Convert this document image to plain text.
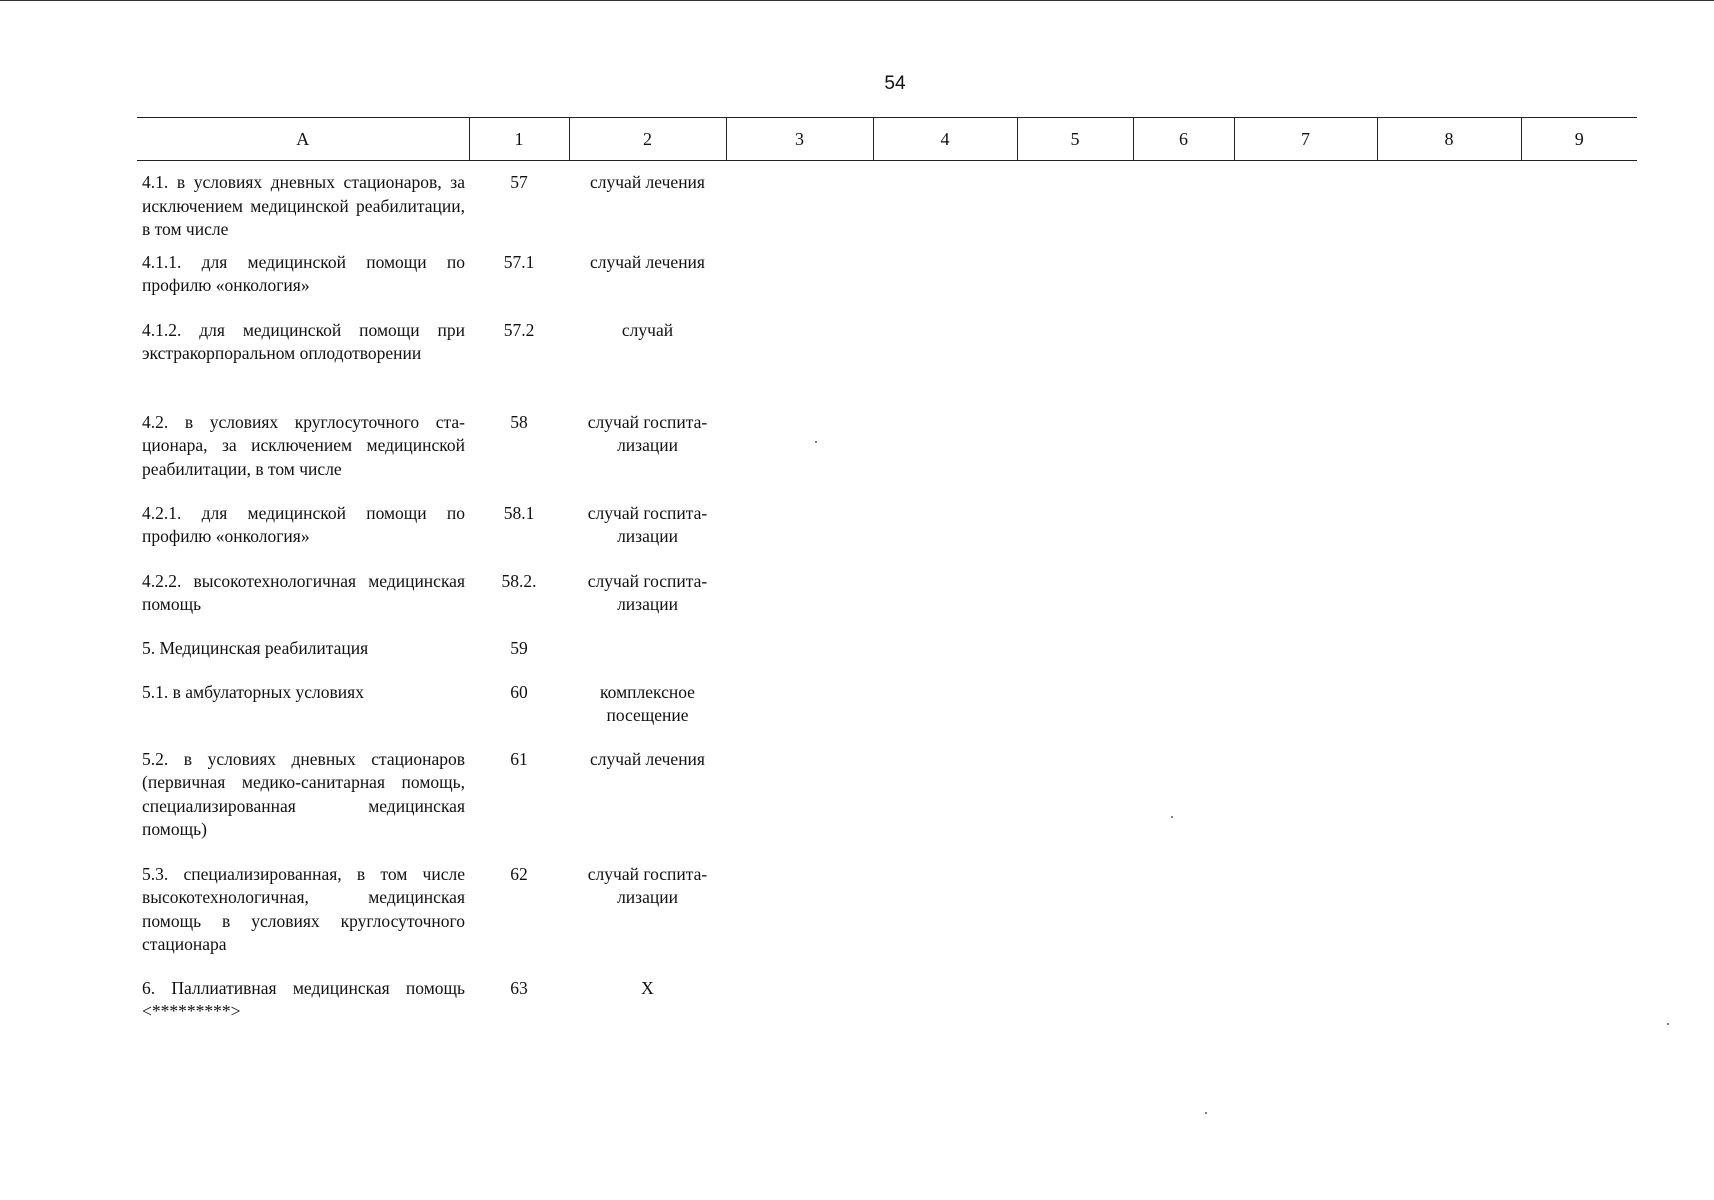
54
А	1	2	3	4	5	6	7	8	9
4.1. в условиях дневных стационаров, за исключением медицинской реабилитации, в том числе	57	случай лечения							
4.1.1. для медицинской помощи по профилю «онкология»	57.1	случай лечения							
4.1.2. для медицинской помощи при экстракорпоральном оплодотворении	57.2	случай							
4.2. в условиях круглосуточного стационара, за исключением медицинской реабилитации, в том числе	58	случай госпитализации							
4.2.1. для медицинской помощи по профилю «онкология»	58.1	случай госпитализации							
4.2.2. высокотехнологичная медицинская помощь	58.2.	случай госпитализации							
5. Медицинская реабилитация	59								
5.1. в амбулаторных условиях	60	комплексное посещение							
5.2. в условиях дневных стационаров (первичная медико-санитарная помощь, специализированная медицинская помощь)	61	случай лечения							
5.3. специализированная, в том числе высокотехнологичная, медицинская помощь в условиях круглосуточного стационара	62	случай госпитализации							
6. Паллиативная медицинская помощь <*********>	63	Х							
